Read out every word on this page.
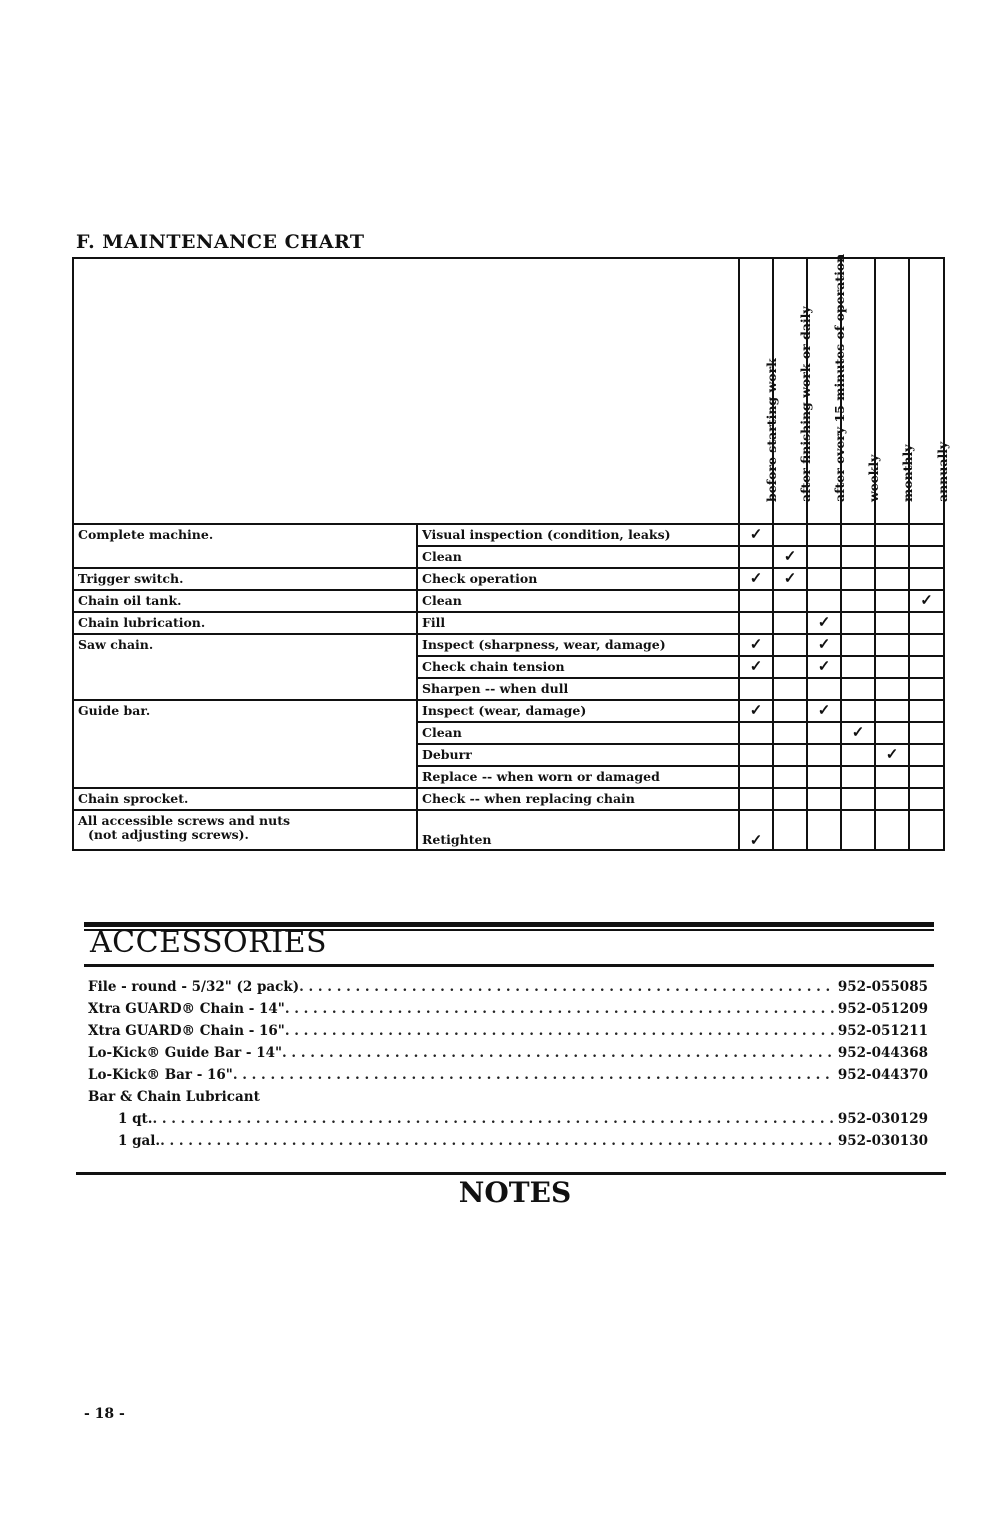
F. MAINTENANCE CHART

		before starting work	after finishing work or daily	after every 15 minutes of operation	weekly	monthly	annually

Complete machine.	Visual inspection (condition, leaks)	✓					
	Clean		✓				

Trigger switch.	Check operation	✓	✓				

Chain oil tank.	Clean						✓

Chain lubrication.	Fill			✓			

Saw chain.	Inspect (sharpness, wear, damage)	✓		✓			
	Check chain tension	✓		✓			
	Sharpen -- when dull						

Guide bar.	Inspect (wear, damage)	✓		✓			
	Clean				✓		
	Deburr					✓	
	Replace -- when worn or damaged						

Chain sprocket.	Check -- when replacing chain						

All accessible screws and nuts
(not adjusting screws).	Retighten	✓					
ACCESSORIES
File - round - 5/32" (2 pack) . . .	952-055085
Xtra GUARD® Chain - 14" . . .	952-051209
Xtra GUARD® Chain - 16" . . .	952-051211
Lo-Kick® Guide Bar - 14" . . .	952-044368
Lo-Kick® Bar - 16" . . .	952-044370
Bar & Chain Lubricant
1 qt. . . .	952-030129
1 gal. . . .	952-030130
NOTES
- 18 -
